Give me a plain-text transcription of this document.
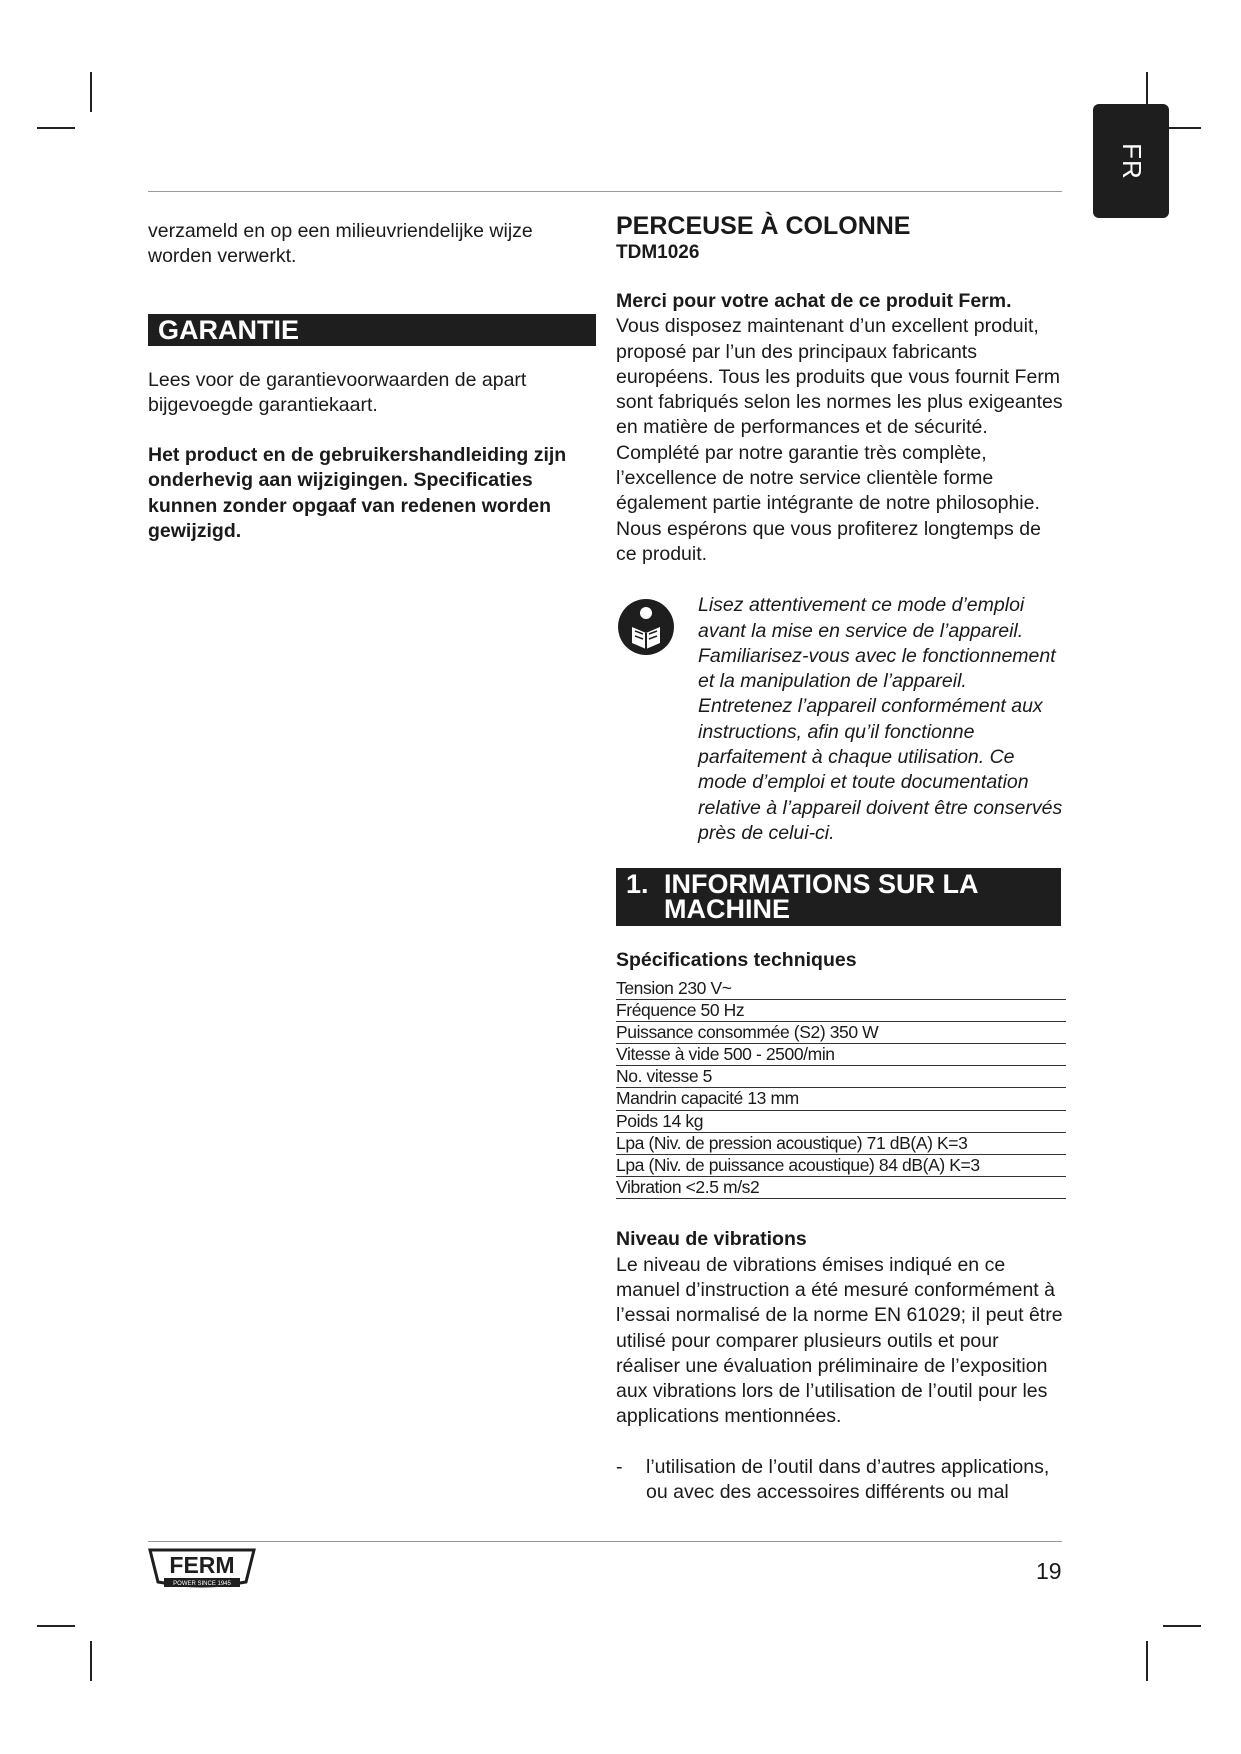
FR

verzameld en op een milieuvriendelijke wijze worden verwerkt.

GARANTIE

Lees voor de garantievoorwaarden de apart bijgevoegde garantiekaart.

Het product en de gebruikershandleiding zijn onderhevig aan wijzigingen. Specificaties kunnen zonder opgaaf van redenen worden gewijzigd.

PERCEUSE À COLONNE

TDM1026

Merci pour votre achat de ce produit Ferm.

Vous disposez maintenant d’un excellent produit, proposé par l’un des principaux fabricants européens. Tous les produits que vous fournit Ferm sont fabriqués selon les normes les plus exigeantes en matière de performances et de sécurité. Complété par notre garantie très complète, l’excellence de notre service clientèle forme également partie intégrante de notre philosophie. Nous espérons que vous profiterez longtemps de ce produit.

Lisez attentivement ce mode d’emploi avant la mise en service de l’appareil. Familiarisez-vous avec le fonctionnement et la manipulation de l’appareil. Entretenez l’appareil conformément aux instructions, afin qu’il fonctionne parfaitement à chaque utilisation. Ce mode d’emploi et toute documentation relative à l’appareil doivent être conservés près de celui-ci.

1. INFORMATIONS SUR LA
MACHINE

Spécifications techniques

Tension 230 V~
Fréquence 50 Hz
Puissance consommée (S2) 350 W
Vitesse à vide 500 - 2500/min
No. vitesse 5
Mandrin capacité 13 mm
Poids 14 kg
Lpa (Niv. de pression acoustique) 71 dB(A) K=3
Lpa (Niv. de puissance acoustique) 84 dB(A) K=3
Vibration <2.5 m/s2

Niveau de vibrations

Le niveau de vibrations émises indiqué en ce manuel d’instruction a été mesuré conformément à l’essai normalisé de la norme EN 61029; il peut être utilisé pour comparer plusieurs outils et pour réaliser une évaluation préliminaire de l’exposition aux vibrations lors de l’utilisation de l’outil pour les applications mentionnées.

- l’utilisation de l’outil dans d’autres applications, ou avec des accessoires différents ou mal

FERM
POWER SINCE 1945	19
